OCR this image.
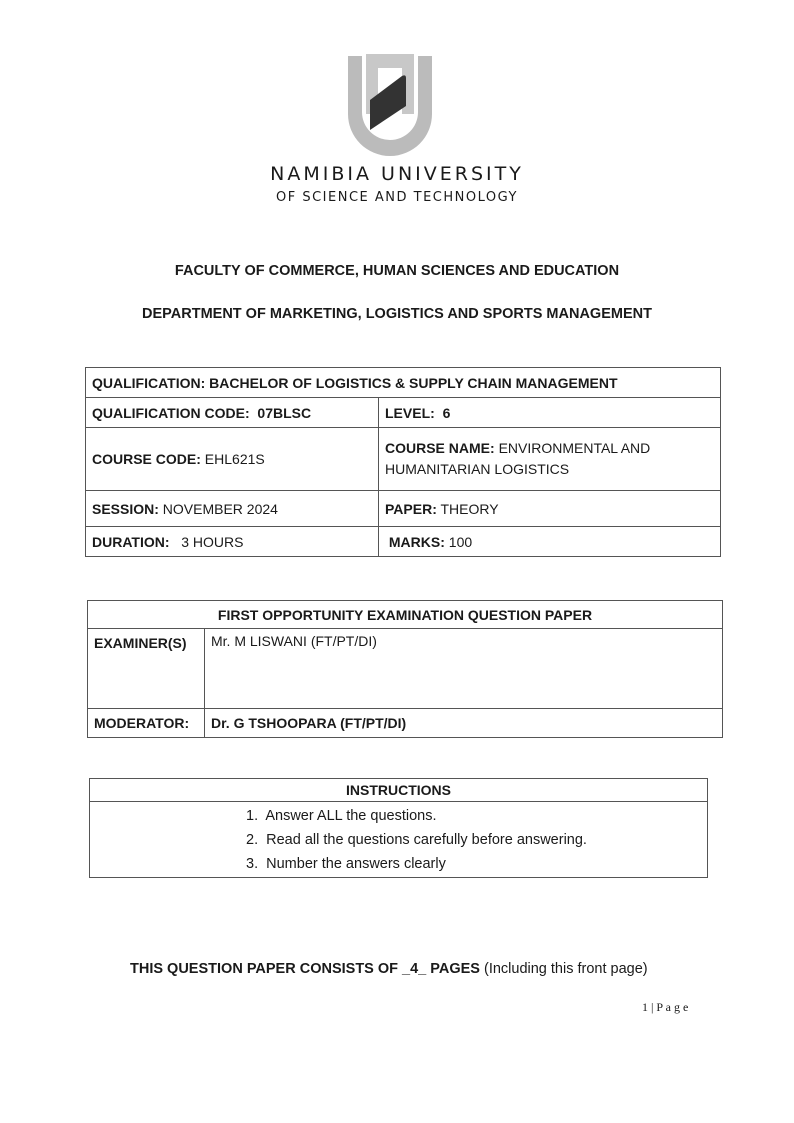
NAMIBIA UNIVERSITY
OF SCIENCE AND TECHNOLOGY
FACULTY OF COMMERCE, HUMAN SCIENCES AND EDUCATION
DEPARTMENT OF MARKETING, LOGISTICS AND SPORTS MANAGEMENT
QUALIFICATION: BACHELOR OF LOGISTICS & SUPPLY CHAIN MANAGEMENT	
QUALIFICATION CODE: 07BLSC	LEVEL: 6
COURSE CODE: EHL621S	COURSE NAME: ENVIRONMENTAL AND HUMANITARIAN LOGISTICS
SESSION: NOVEMBER 2024	PAPER: THEORY
DURATION: 3 HOURS	MARKS: 100
FIRST OPPORTUNITY EXAMINATION QUESTION PAPER	
EXAMINER(S)	Mr. M LISWANI (FT/PT/DI)
MODERATOR:	Dr. G TSHOOPARA (FT/PT/DI)
INSTRUCTIONS

1.  Answer ALL the questions.
2.  Read all the questions carefully before answering.
3.  Number the answers clearly
THIS QUESTION PAPER CONSISTS OF _4_ PAGES (Including this front page)
1 | P a g e
